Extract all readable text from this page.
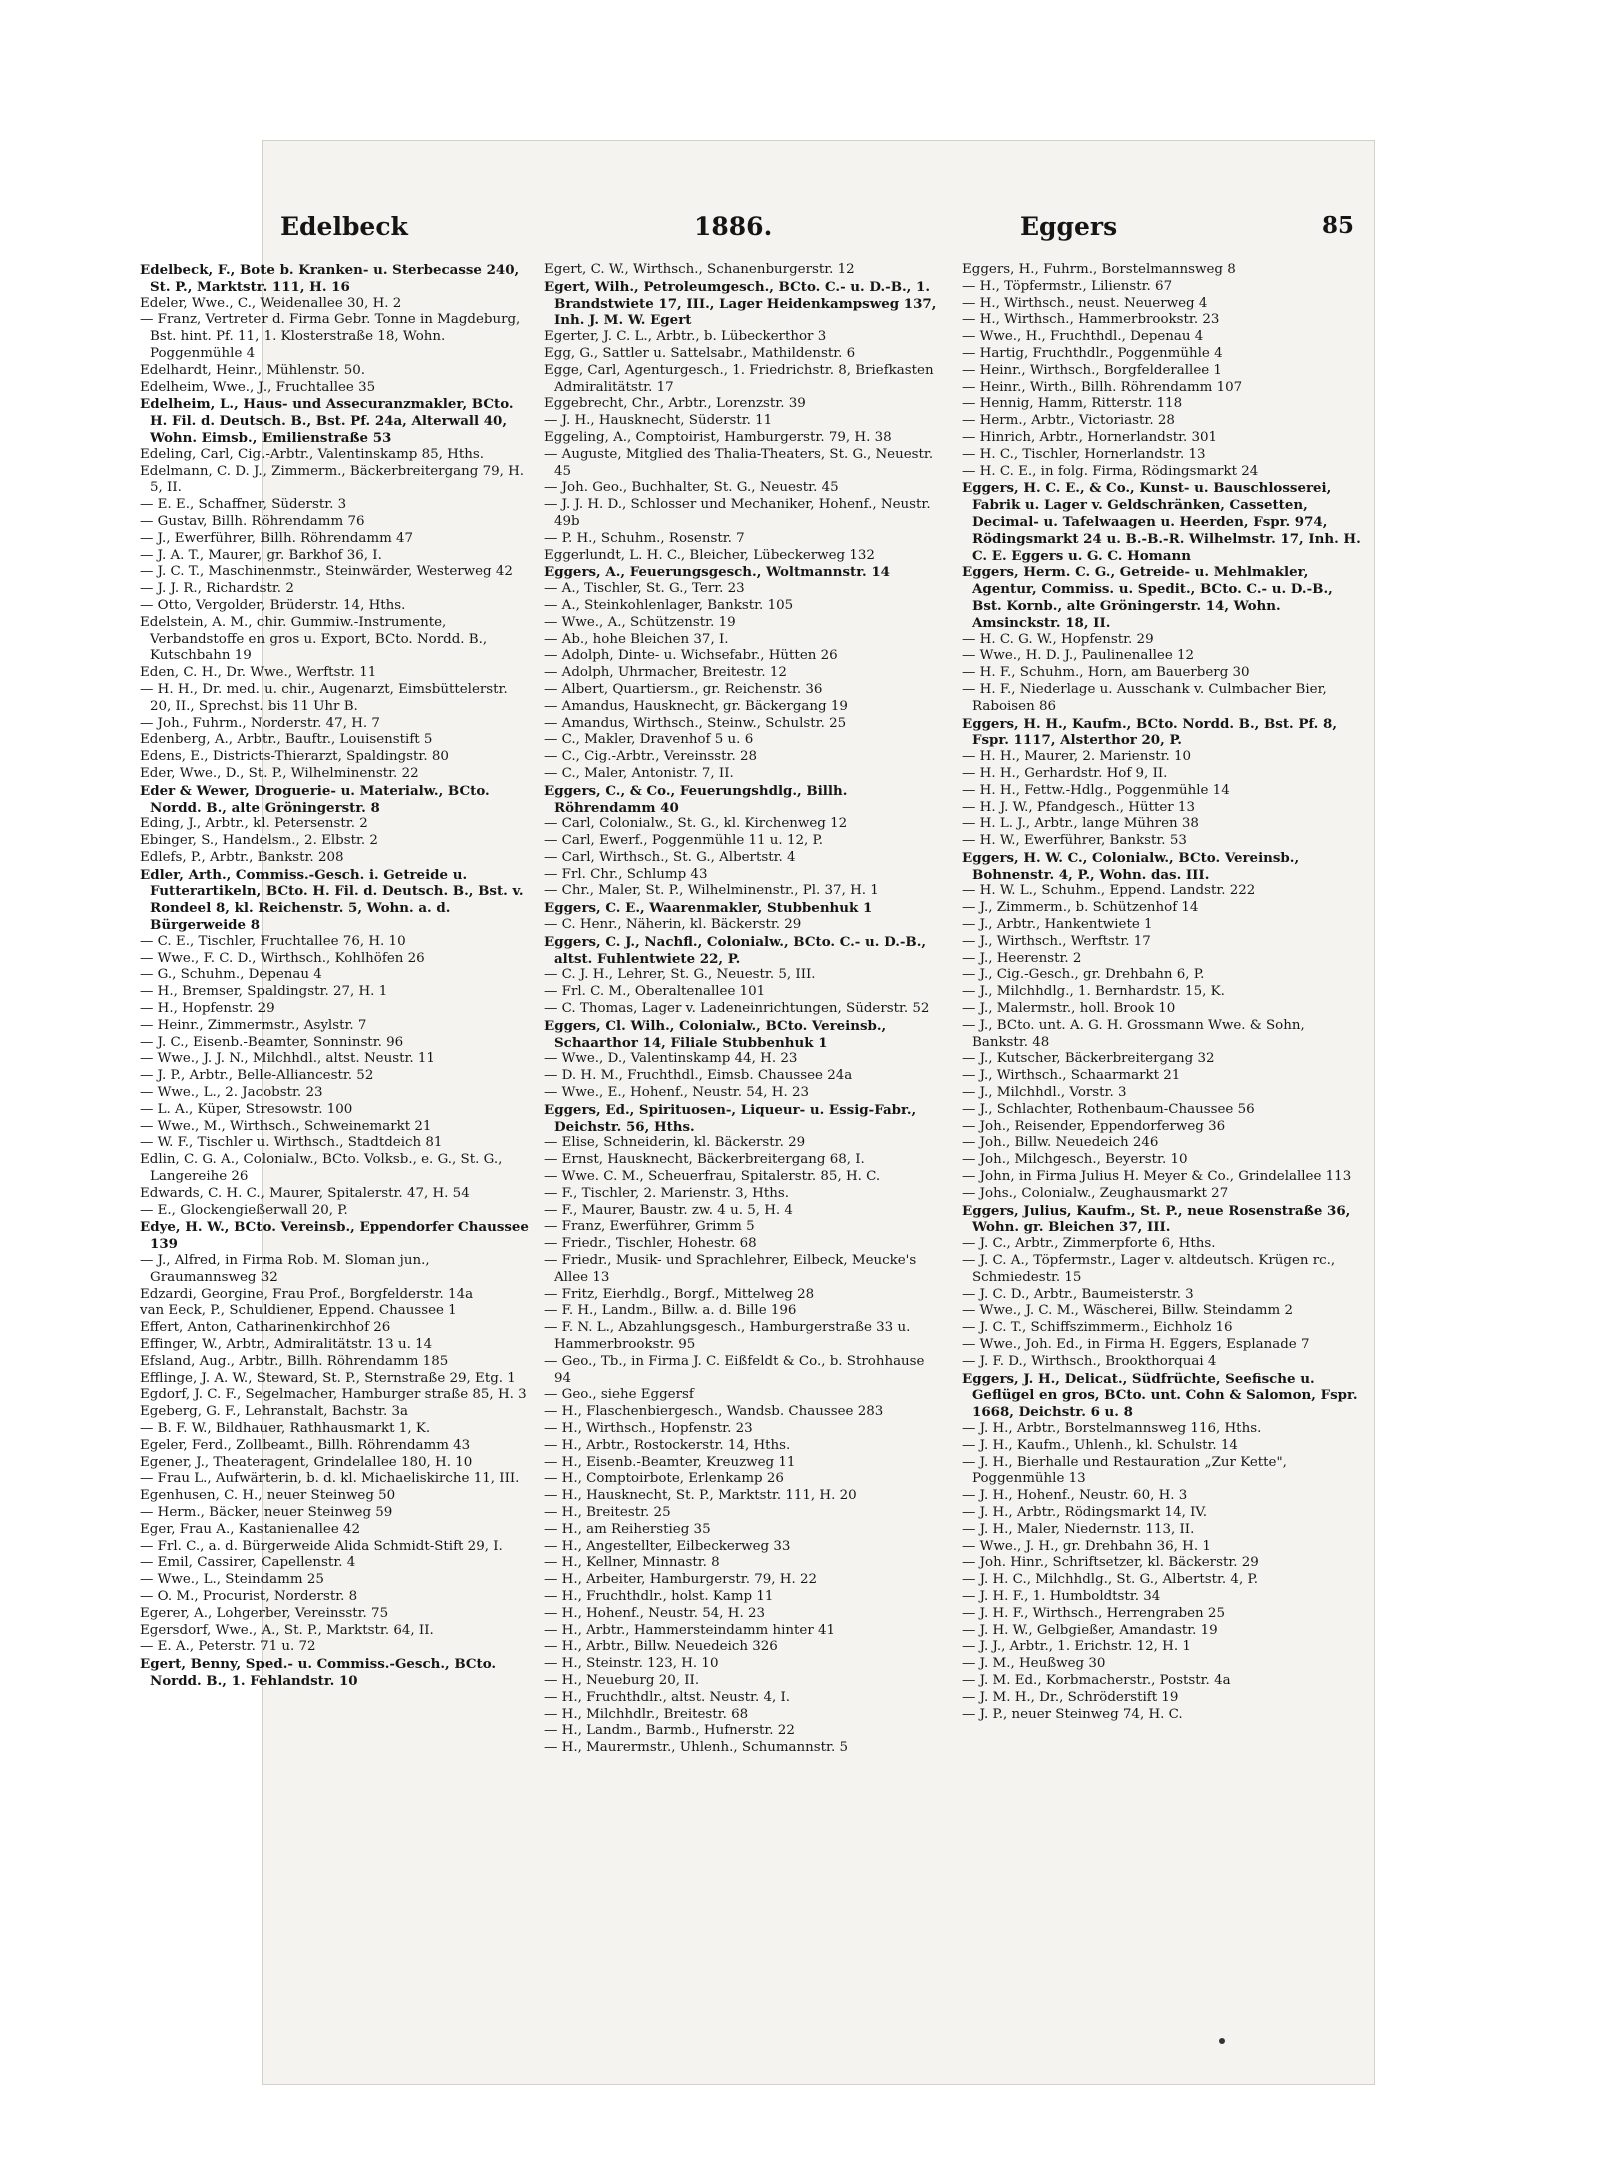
Edelbeck	1886.	Eggers	85

Edelbeck, F., Bote b. Kranken- u. Sterbecasse 240, St. P., Marktstr. 111, H. 16

Edeler, Wwe., C., Weidenallee 30, H. 2

— Franz, Vertreter d. Firma Gebr. Tonne in Magdeburg, Bst. hint. Pf. 11, 1. Klosterstraße 18, Wohn. Poggenmühle 4

Edelhardt, Heinr., Mühlenstr. 50.

Edelheim, Wwe., J., Fruchtallee 35

Edelheim, L., Haus- und Assecuranzmakler, BCto. H. Fil. d. Deutsch. B., Bst. Pf. 24a, Alterwall 40, Wohn. Eimsb., Emilienstraße 53

Edeling, Carl, Cig.-Arbtr., Valentinskamp 85, Hths.

Edelmann, C. D. J., Zimmerm., Bäckerbreitergang 79, H. 5, II.

— E. E., Schaffner, Süderstr. 3

— Gustav, Billh. Röhrendamm 76

— J., Ewerführer, Billh. Röhrendamm 47

— J. A. T., Maurer, gr. Barkhof 36, I.

— J. C. T., Maschinenmstr., Steinwärder, Westerweg 42

— J. J. R., Richardstr. 2

— Otto, Vergolder, Brüderstr. 14, Hths.

Edelstein, A. M., chir. Gummiw.-Instrumente, Verbandstoffe en gros u. Export, BCto. Nordd. B., Kutschbahn 19

Eden, C. H., Dr. Wwe., Werftstr. 11

— H. H., Dr. med. u. chir., Augenarzt, Eimsbüttelerstr. 20, II., Sprechst. bis 11 Uhr B.

— Joh., Fuhrm., Norderstr. 47, H. 7

Edenberg, A., Arbtr., Bauftr., Louisenstift 5

Edens, E., Districts-Thierarzt, Spaldingstr. 80

Eder, Wwe., D., St. P., Wilhelminenstr. 22

Eder & Wewer, Droguerie- u. Materialw., BCto. Nordd. B., alte Gröningerstr. 8

Eding, J., Arbtr., kl. Petersenstr. 2

Ebinger, S., Handelsm., 2. Elbstr. 2

Edlefs, P., Arbtr., Bankstr. 208

Edler, Arth., Commiss.-Gesch. i. Getreide u. Futterartikeln, BCto. H. Fil. d. Deutsch. B., Bst. v. Rondeel 8, kl. Reichenstr. 5, Wohn. a. d. Bürgerweide 8

— C. E., Tischler, Fruchtallee 76, H. 10

— Wwe., F. C. D., Wirthsch., Kohlhöfen 26

— G., Schuhm., Depenau 4

— H., Bremser, Spaldingstr. 27, H. 1

— H., Hopfenstr. 29

— Heinr., Zimmermstr., Asylstr. 7

— J. C., Eisenb.-Beamter, Sonninstr. 96

— Wwe., J. J. N., Milchhdl., altst. Neustr. 11

— J. P., Arbtr., Belle-Alliancestr. 52

— Wwe., L., 2. Jacobstr. 23

— L. A., Küper, Stresowstr. 100

— Wwe., M., Wirthsch., Schweinemarkt 21

— W. F., Tischler u. Wirthsch., Stadtdeich 81

Edlin, C. G. A., Colonialw., BCto. Volksb., e. G., St. G., Langereihe 26

Edwards, C. H. C., Maurer, Spitalerstr. 47, H. 54

— E., Glockengießerwall 20, P.

Edye, H. W., BCto. Vereinsb., Eppendorfer Chaussee 139

— J., Alfred, in Firma Rob. M. Sloman jun., Graumannsweg 32

Edzardi, Georgine, Frau Prof., Borgfelderstr. 14a

van Eeck, P., Schuldiener, Eppend. Chaussee 1

Effert, Anton, Catharinenkirchhof 26

Effinger, W., Arbtr., Admiralitätstr. 13 u. 14

Efsland, Aug., Arbtr., Billh. Röhrendamm 185

Efflinge, J. A. W., Steward, St. P., Sternstraße 29, Etg. 1

Egdorf, J. C. F., Segelmacher, Hamburger straße 85, H. 3

Egeberg, G. F., Lehranstalt, Bachstr. 3a

— B. F. W., Bildhauer, Rathhausmarkt 1, K.

Egeler, Ferd., Zollbeamt., Billh. Röhrendamm 43

Egener, J., Theateragent, Grindelallee 180, H. 10

— Frau L., Aufwärterin, b. d. kl. Michaeliskirche 11, III.

Egenhusen, C. H., neuer Steinweg 50

— Herm., Bäcker, neuer Steinweg 59

Eger, Frau A., Kastanienallee 42

— Frl. C., a. d. Bürgerweide Alida Schmidt-Stift 29, I.

— Emil, Cassirer, Capellenstr. 4

— Wwe., L., Steindamm 25

— O. M., Procurist, Norderstr. 8

Egerer, A., Lohgerber, Vereinsstr. 75

Egersdorf, Wwe., A., St. P., Marktstr. 64, II.

— E. A., Peterstr. 71 u. 72

Egert, Benny, Sped.- u. Commiss.-Gesch., BCto. Nordd. B., 1. Fehlandstr. 10

Egert, C. W., Wirthsch., Schanenburgerstr. 12

Egert, Wilh., Petroleumgesch., BCto. C.- u. D.-B., 1. Brandstwiete 17, III., Lager Heidenkampsweg 137, Inh. J. M. W. Egert

Egerter, J. C. L., Arbtr., b. Lübeckerthor 3

Egg, G., Sattler u. Sattelsabr., Mathildenstr. 6

Egge, Carl, Agenturgesch., 1. Friedrichstr. 8, Briefkasten Admiralitätstr. 17

Eggebrecht, Chr., Arbtr., Lorenzstr. 39

— J. H., Hausknecht, Süderstr. 11

Eggeling, A., Comptoirist, Hamburgerstr. 79, H. 38

— Auguste, Mitglied des Thalia-Theaters, St. G., Neuestr. 45

— Joh. Geo., Buchhalter, St. G., Neuestr. 45

— J. J. H. D., Schlosser und Mechaniker, Hohenf., Neustr. 49b

— P. H., Schuhm., Rosenstr. 7

Eggerlundt, L. H. C., Bleicher, Lübeckerweg 132

Eggers, A., Feuerungsgesch., Woltmannstr. 14

— A., Tischler, St. G., Terr. 23

— A., Steinkohlenlager, Bankstr. 105

— Wwe., A., Schützenstr. 19

— Ab., hohe Bleichen 37, I.

— Adolph, Dinte- u. Wichsefabr., Hütten 26

— Adolph, Uhrmacher, Breitestr. 12

— Albert, Quartiersm., gr. Reichenstr. 36

— Amandus, Hausknecht, gr. Bäckergang 19

— Amandus, Wirthsch., Steinw., Schulstr. 25

— C., Makler, Dravenhof 5 u. 6

— C., Cig.-Arbtr., Vereinsstr. 28

— C., Maler, Antonistr. 7, II.

Eggers, C., & Co., Feuerungshdlg., Billh. Röhrendamm 40

— Carl, Colonialw., St. G., kl. Kirchenweg 12

— Carl, Ewerf., Poggenmühle 11 u. 12, P.

— Carl, Wirthsch., St. G., Albertstr. 4

— Frl. Chr., Schlump 43

— Chr., Maler, St. P., Wilhelminenstr., Pl. 37, H. 1

Eggers, C. E., Waarenmakler, Stubbenhuk 1

— C. Henr., Näherin, kl. Bäckerstr. 29

Eggers, C. J., Nachfl., Colonialw., BCto. C.- u. D.-B., altst. Fuhlentwiete 22, P.

— C. J. H., Lehrer, St. G., Neuestr. 5, III.

— Frl. C. M., Oberaltenallee 101

— C. Thomas, Lager v. Ladeneinrichtungen, Süderstr. 52

Eggers, Cl. Wilh., Colonialw., BCto. Vereinsb., Schaarthor 14, Filiale Stubbenhuk 1

— Wwe., D., Valentinskamp 44, H. 23

— D. H. M., Fruchthdl., Eimsb. Chaussee 24a

— Wwe., E., Hohenf., Neustr. 54, H. 23

Eggers, Ed., Spirituosen-, Liqueur- u. Essig-Fabr., Deichstr. 56, Hths.

— Elise, Schneiderin, kl. Bäckerstr. 29

— Ernst, Hausknecht, Bäckerbreitergang 68, I.

— Wwe. C. M., Scheuerfrau, Spitalerstr. 85, H. C.

— F., Tischler, 2. Marienstr. 3, Hths.

— F., Maurer, Baustr. zw. 4 u. 5, H. 4

— Franz, Ewerführer, Grimm 5

— Friedr., Tischler, Hohestr. 68

— Friedr., Musik- und Sprachlehrer, Eilbeck, Meucke's Allee 13

— Fritz, Eierhdlg., Borgf., Mittelweg 28

— F. H., Landm., Billw. a. d. Bille 196

— F. N. L., Abzahlungsgesch., Hamburgerstraße 33 u. Hammerbrookstr. 95

— Geo., Tb., in Firma J. C. Eißfeldt & Co., b. Strohhause 94

— Geo., siehe Eggersf

— H., Flaschenbiergesch., Wandsb. Chaussee 283

— H., Wirthsch., Hopfenstr. 23

— H., Arbtr., Rostockerstr. 14, Hths.

— H., Eisenb.-Beamter, Kreuzweg 11

— H., Comptoirbote, Erlenkamp 26

— H., Hausknecht, St. P., Marktstr. 111, H. 20

— H., Breitestr. 25

— H., am Reiherstieg 35

— H., Angestellter, Eilbeckerweg 33

— H., Kellner, Minnastr. 8

— H., Arbeiter, Hamburgerstr. 79, H. 22

— H., Fruchthdlr., holst. Kamp 11

— H., Hohenf., Neustr. 54, H. 23

— H., Arbtr., Hammersteindamm hinter 41

— H., Arbtr., Billw. Neuedeich 326

— H., Steinstr. 123, H. 10

— H., Neueburg 20, II.

— H., Fruchthdlr., altst. Neustr. 4, I.

— H., Milchhdlr., Breitestr. 68

— H., Landm., Barmb., Hufnerstr. 22

— H., Maurermstr., Uhlenh., Schumannstr. 5

Eggers, H., Fuhrm., Borstelmannsweg 8

— H., Töpfermstr., Lilienstr. 67

— H., Wirthsch., neust. Neuerweg 4

— H., Wirthsch., Hammerbrookstr. 23

— Wwe., H., Fruchthdl., Depenau 4

— Hartig, Fruchthdlr., Poggenmühle 4

— Heinr., Wirthsch., Borgfelderallee 1

— Heinr., Wirth., Billh. Röhrendamm 107

— Hennig, Hamm, Ritterstr. 118

— Herm., Arbtr., Victoriastr. 28

— Hinrich, Arbtr., Hornerlandstr. 301

— H. C., Tischler, Hornerlandstr. 13

— H. C. E., in folg. Firma, Rödingsmarkt 24

Eggers, H. C. E., & Co., Kunst- u. Bauschlosserei, Fabrik u. Lager v. Geldschränken, Cassetten, Decimal- u. Tafelwaagen u. Heerden, Fspr. 974, Rödingsmarkt 24 u. B.-B.-R. Wilhelmstr. 17, Inh. H. C. E. Eggers u. G. C. Homann

Eggers, Herm. C. G., Getreide- u. Mehlmakler, Agentur, Commiss. u. Spedit., BCto. C.- u. D.-B., Bst. Kornb., alte Gröningerstr. 14, Wohn. Amsinckstr. 18, II.

— H. C. G. W., Hopfenstr. 29

— Wwe., H. D. J., Paulinenallee 12

— H. F., Schuhm., Horn, am Bauerberg 30

— H. F., Niederlage u. Ausschank v. Culmbacher Bier, Raboisen 86

Eggers, H. H., Kaufm., BCto. Nordd. B., Bst. Pf. 8, Fspr. 1117, Alsterthor 20, P.

— H. H., Maurer, 2. Marienstr. 10

— H. H., Gerhardstr. Hof 9, II.

— H. H., Fettw.-Hdlg., Poggenmühle 14

— H. J. W., Pfandgesch., Hütter 13

— H. L. J., Arbtr., lange Mühren 38

— H. W., Ewerführer, Bankstr. 53

Eggers, H. W. C., Colonialw., BCto. Vereinsb., Bohnenstr. 4, P., Wohn. das. III.

— H. W. L., Schuhm., Eppend. Landstr. 222

— J., Zimmerm., b. Schützenhof 14

— J., Arbtr., Hankentwiete 1

— J., Wirthsch., Werftstr. 17

— J., Heerenstr. 2

— J., Cig.-Gesch., gr. Drehbahn 6, P.

— J., Milchhdlg., 1. Bernhardstr. 15, K.

— J., Malermstr., holl. Brook 10

— J., BCto. unt. A. G. H. Grossmann Wwe. & Sohn, Bankstr. 48

— J., Kutscher, Bäckerbreitergang 32

— J., Wirthsch., Schaarmarkt 21

— J., Milchhdl., Vorstr. 3

— J., Schlachter, Rothenbaum-Chaussee 56

— Joh., Reisender, Eppendorferweg 36

— Joh., Billw. Neuedeich 246

— Joh., Milchgesch., Beyerstr. 10

— John, in Firma Julius H. Meyer & Co., Grindelallee 113

— Johs., Colonialw., Zeughausmarkt 27

Eggers, Julius, Kaufm., St. P., neue Rosenstraße 36, Wohn. gr. Bleichen 37, III.

— J. C., Arbtr., Zimmerpforte 6, Hths.

— J. C. A., Töpfermstr., Lager v. altdeutsch. Krügen rc., Schmiedestr. 15

— J. C. D., Arbtr., Baumeisterstr. 3

— Wwe., J. C. M., Wäscherei, Billw. Steindamm 2

— J. C. T., Schiffszimmerm., Eichholz 16

— Wwe., Joh. Ed., in Firma H. Eggers, Esplanade 7

— J. F. D., Wirthsch., Brookthorquai 4

Eggers, J. H., Delicat., Südfrüchte, Seefische u. Geflügel en gros, BCto. unt. Cohn & Salomon, Fspr. 1668, Deichstr. 6 u. 8

— J. H., Arbtr., Borstelmannsweg 116, Hths.

— J. H., Kaufm., Uhlenh., kl. Schulstr. 14

— J. H., Bierhalle und Restauration „Zur Kette", Poggenmühle 13

— J. H., Hohenf., Neustr. 60, H. 3

— J. H., Arbtr., Rödingsmarkt 14, IV.

— J. H., Maler, Niedernstr. 113, II.

— Wwe., J. H., gr. Drehbahn 36, H. 1

— Joh. Hinr., Schriftsetzer, kl. Bäckerstr. 29

— J. H. C., Milchhdlg., St. G., Albertstr. 4, P.

— J. H. F., 1. Humboldtstr. 34

— J. H. F., Wirthsch., Herrengraben 25

— J. H. W., Gelbgießer, Amandastr. 19

— J. J., Arbtr., 1. Erichstr. 12, H. 1

— J. M., Heußweg 30

— J. M. Ed., Korbmacherstr., Poststr. 4a

— J. M. H., Dr., Schröderstift 19

— J. P., neuer Steinweg 74, H. C.
